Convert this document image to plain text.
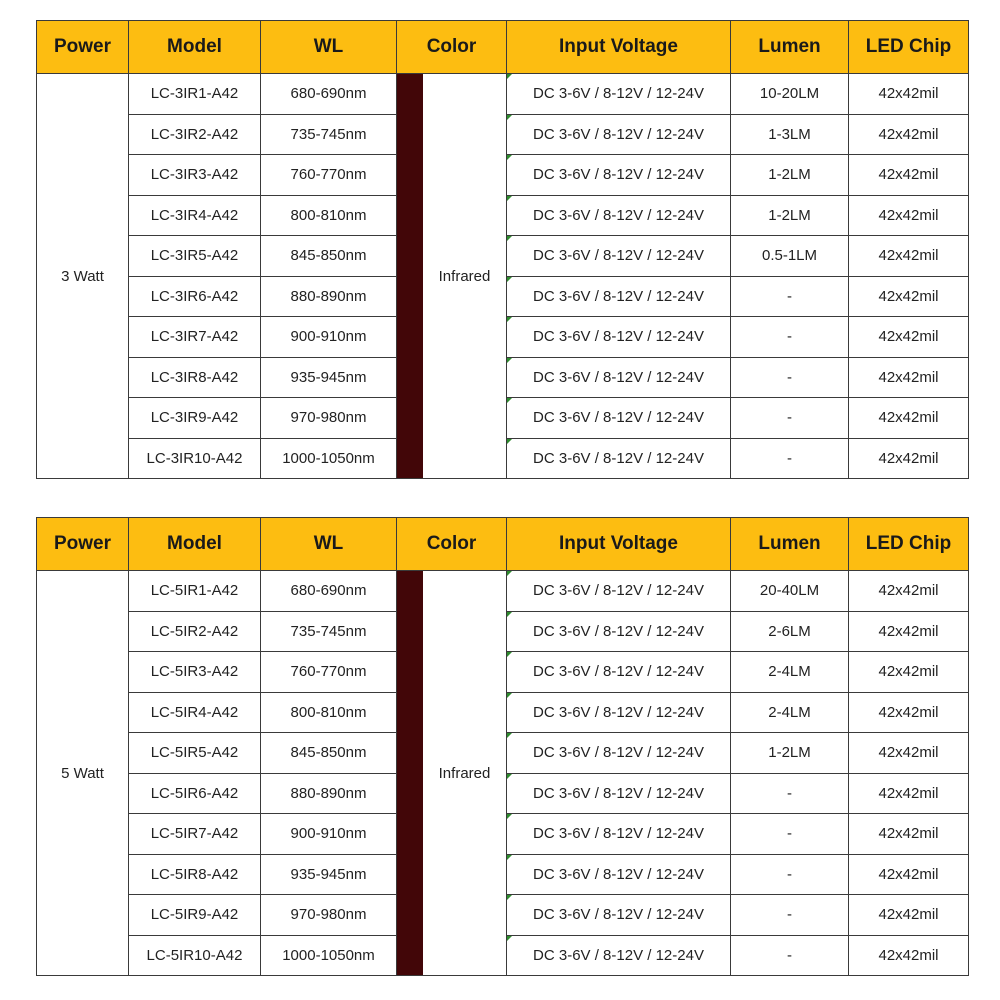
Power	Model	WL	Color	Input Voltage	Lumen	LED Chip
3 Watt	LC-3IR1-A42	680-690nm	Infrared	DC 3-6V / 8-12V / 12-24V	10-20LM	42x42mil
	LC-3IR2-A42	735-745nm		DC 3-6V / 8-12V / 12-24V	1-3LM	42x42mil
	LC-3IR3-A42	760-770nm		DC 3-6V / 8-12V / 12-24V	1-2LM	42x42mil
	LC-3IR4-A42	800-810nm		DC 3-6V / 8-12V / 12-24V	1-2LM	42x42mil
	LC-3IR5-A42	845-850nm		DC 3-6V / 8-12V / 12-24V	0.5-1LM	42x42mil
	LC-3IR6-A42	880-890nm		DC 3-6V / 8-12V / 12-24V	-	42x42mil
	LC-3IR7-A42	900-910nm		DC 3-6V / 8-12V / 12-24V	-	42x42mil
	LC-3IR8-A42	935-945nm		DC 3-6V / 8-12V / 12-24V	-	42x42mil
	LC-3IR9-A42	970-980nm		DC 3-6V / 8-12V / 12-24V	-	42x42mil
	LC-3IR10-A42	1000-1050nm		DC 3-6V / 8-12V / 12-24V	-	42x42mil
Power	Model	WL	Color	Input Voltage	Lumen	LED Chip
5 Watt	LC-5IR1-A42	680-690nm	Infrared	DC 3-6V / 8-12V / 12-24V	20-40LM	42x42mil
	LC-5IR2-A42	735-745nm		DC 3-6V / 8-12V / 12-24V	2-6LM	42x42mil
	LC-5IR3-A42	760-770nm		DC 3-6V / 8-12V / 12-24V	2-4LM	42x42mil
	LC-5IR4-A42	800-810nm		DC 3-6V / 8-12V / 12-24V	2-4LM	42x42mil
	LC-5IR5-A42	845-850nm		DC 3-6V / 8-12V / 12-24V	1-2LM	42x42mil
	LC-5IR6-A42	880-890nm		DC 3-6V / 8-12V / 12-24V	-	42x42mil
	LC-5IR7-A42	900-910nm		DC 3-6V / 8-12V / 12-24V	-	42x42mil
	LC-5IR8-A42	935-945nm		DC 3-6V / 8-12V / 12-24V	-	42x42mil
	LC-5IR9-A42	970-980nm		DC 3-6V / 8-12V / 12-24V	-	42x42mil
	LC-5IR10-A42	1000-1050nm		DC 3-6V / 8-12V / 12-24V	-	42x42mil
